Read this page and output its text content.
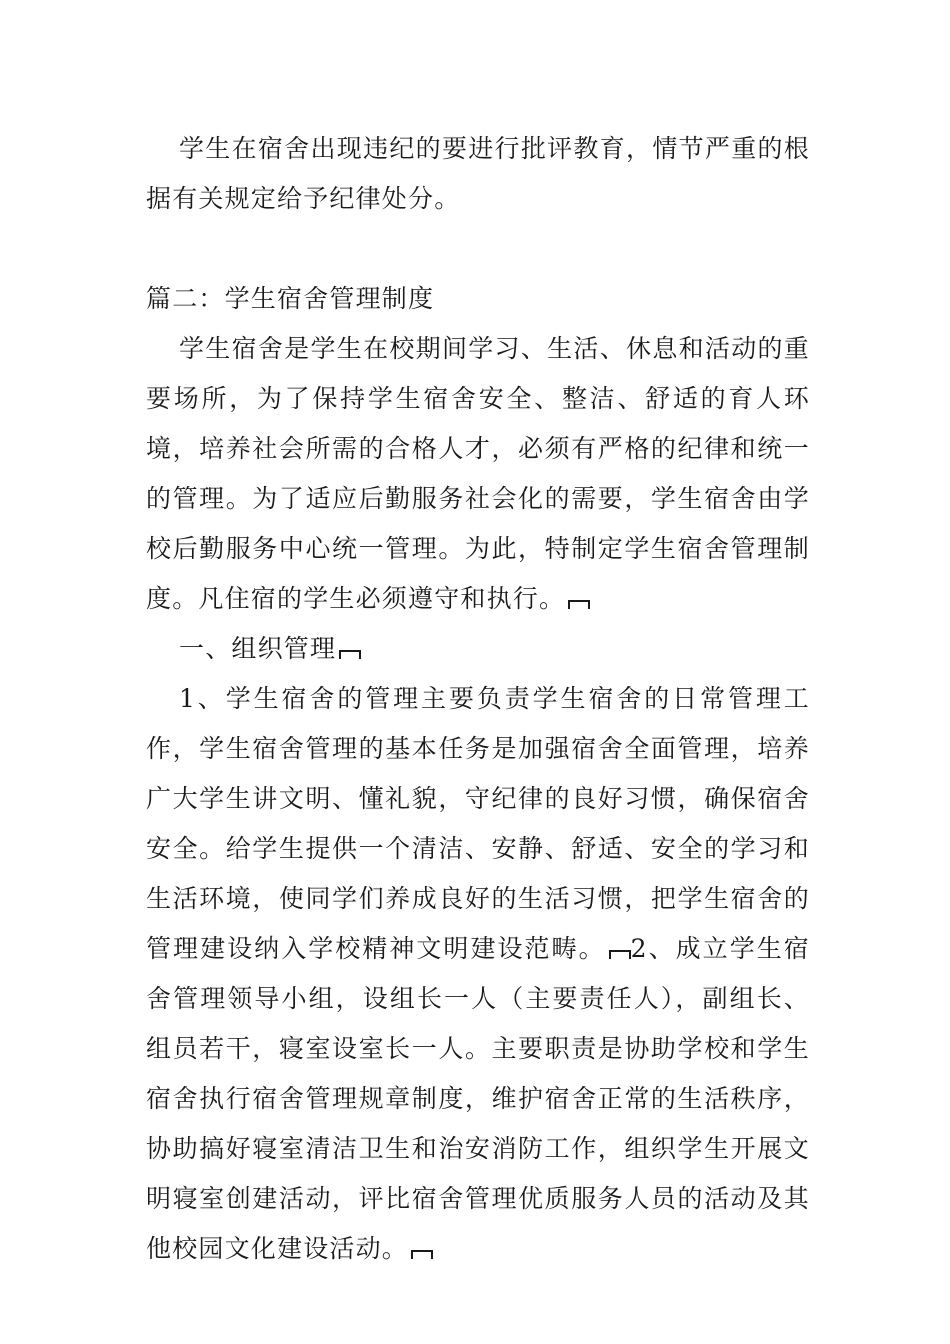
学生在宿舍出现违纪的要进行批评教育，情节严重的根据有关规定给予纪律处分。

篇二：学生宿舍管理制度

学生宿舍是学生在校期间学习、生活、休息和活动的重要场所，为了保持学生宿舍安全、整洁、舒适的育人环境，培养社会所需的合格人才，必须有严格的纪律和统一的管理。为了适应后勤服务社会化的需要，学生宿舍由学校后勤服务中心统一管理。为此，特制定学生宿舍管理制度。凡住宿的学生必须遵守和执行。

一、组织管理

1、学生宿舍的管理主要负责学生宿舍的日常管理工作，学生宿舍管理的基本任务是加强宿舍全面管理，培养广大学生讲文明、懂礼貌，守纪律的良好习惯，确保宿舍安全。给学生提供一个清洁、安静、舒适、安全的学习和生活环境，使同学们养成良好的生活习惯，把学生宿舍的管理建设纳入学校精神文明建设范畴。 2、成立学生宿舍管理领导小组，设组长一人（主要责任人），副组长、组员若干，寝室设室长一人。主要职责是协助学校和学生宿舍执行宿舍管理规章制度，维护宿舍正常的生活秩序，协助搞好寝室清洁卫生和治安消防工作，组织学生开展文明寝室创建活动，评比宿舍管理优质服务人员的活动及其他校园文化建设活动。
